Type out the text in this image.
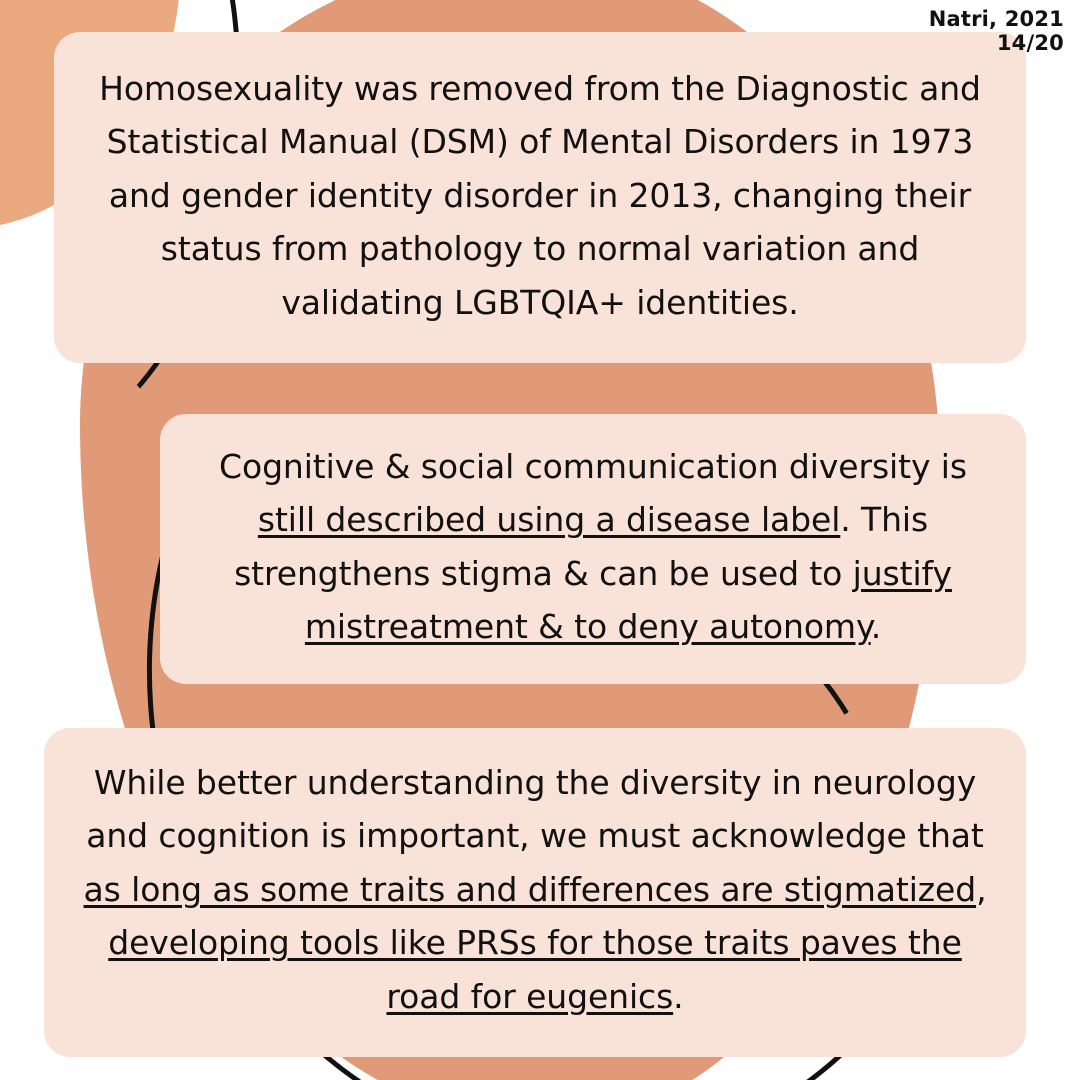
Natri, 2021
14/20

Homosexuality was removed from the Diagnostic and Statistical Manual (DSM) of Mental Disorders in 1973 and gender identity disorder in 2013, changing their status from pathology to normal variation and validating LGBTQIA+ identities.

Cognitive & social communication diversity is still described using a disease label. This strengthens stigma & can be used to justify mistreatment & to deny autonomy.

While better understanding the diversity in neurology and cognition is important, we must acknowledge that as long as some traits and differences are stigmatized, developing tools like PRSs for those traits paves the road for eugenics.
